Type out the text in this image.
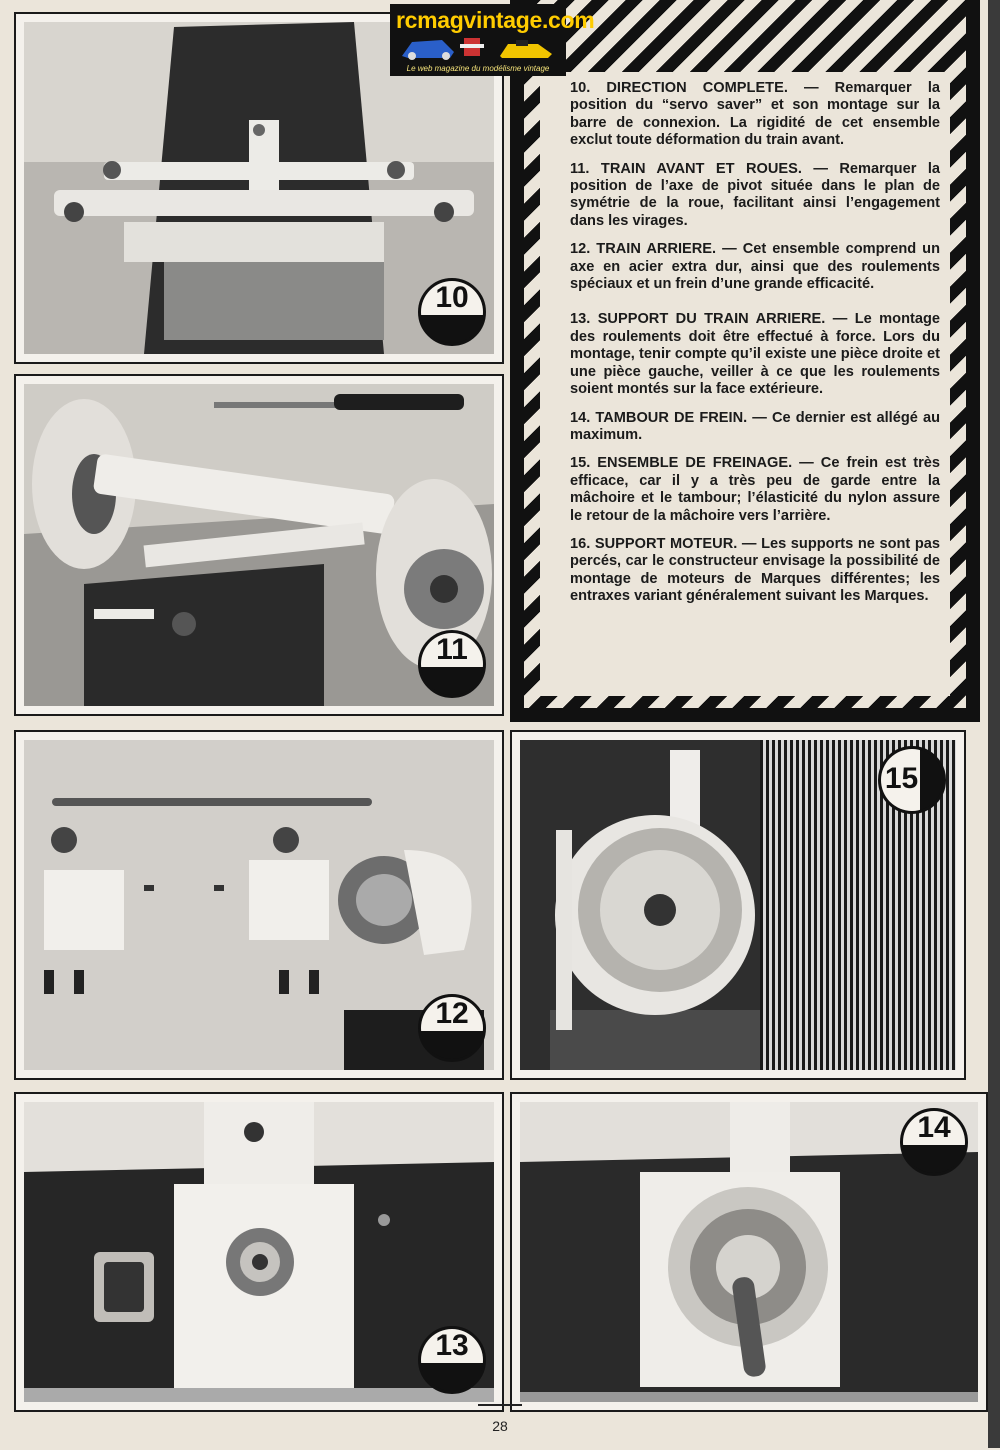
10
11

10. DIRECTION COMPLETE. — Remarquer la position du “servo saver” et son montage sur la barre de connexion. La rigidité de cet ensemble exclut toute déformation du train avant.

11. TRAIN AVANT ET ROUES. — Remarquer la position de l’axe de pivot située dans le plan de symétrie de la roue, facilitant ainsi l’engagement dans les virages.

12. TRAIN ARRIERE. — Cet ensemble comprend un axe en acier extra dur, ainsi que des roulements spéciaux et un frein d’une grande efficacité.

13. SUPPORT DU TRAIN ARRIERE. — Le montage des roulements doit être effectué à force. Lors du montage, tenir compte qu’il existe une pièce droite et une pièce gauche, veiller à ce que les roulements soient montés sur la face extérieure.

14. TAMBOUR DE FREIN. — Ce dernier est allégé au maximum.

15. ENSEMBLE DE FREINAGE. — Ce frein est très efficace, car il y a très peu de garde entre la mâchoire et le tambour; l’élasticité du nylon assure le retour de la mâchoire vers l’arrière.

16. SUPPORT MOTEUR. — Les supports ne sont pas percés, car le constructeur envisage la possibilité de montage de moteurs de Marques différentes; les entraxes variant généralement suivant les Marques.

rcmagvintage.com
Le web magazine du modélisme vintage
12
15
13
14
28
